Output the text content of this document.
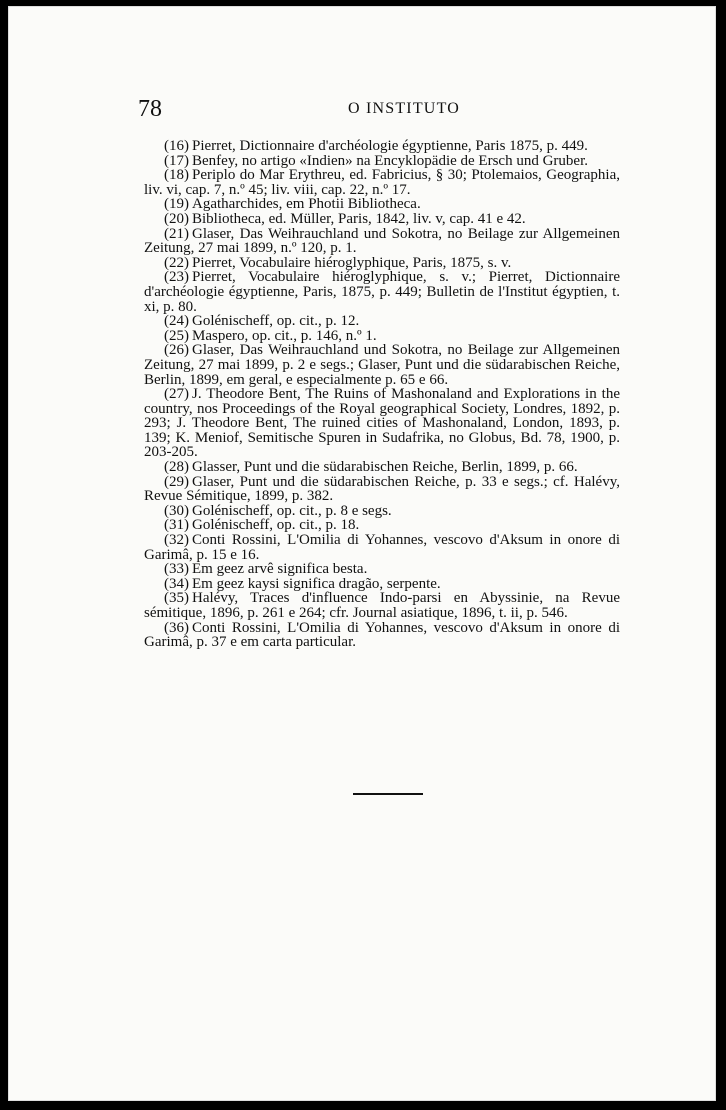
78	O INSTITUTO

(16) Pierret, Dictionnaire d'archéologie égyptienne, Paris 1875, p. 449.

(17) Benfey, no artigo «Indien» na Encyklopädie de Ersch und Gruber.

(18) Periplo do Mar Erythreu, ed. Fabricius, § 30; Ptolemaios, Geographia, liv. vi, cap. 7, n.º 45; liv. viii, cap. 22, n.º 17.

(19) Agatharchides, em Photii Bibliotheca.

(20) Bibliotheca, ed. Müller, Paris, 1842, liv. v, cap. 41 e 42.

(21) Glaser, Das Weihrauchland und Sokotra, no Beilage zur Allgemeinen Zeitung, 27 mai 1899, n.º 120, p. 1.

(22) Pierret, Vocabulaire hiéroglyphique, Paris, 1875, s. v.

(23) Pierret, Vocabulaire hiéroglyphique, s. v.; Pierret, Dictionnaire d'archéologie égyptienne, Paris, 1875, p. 449; Bulletin de l'Institut égyptien, t. xi, p. 80.

(24) Golénischeff, op. cit., p. 12.

(25) Maspero, op. cit., p. 146, n.º 1.

(26) Glaser, Das Weihrauchland und Sokotra, no Beilage zur Allgemeinen Zeitung, 27 mai 1899, p. 2 e segs.; Glaser, Punt und die südarabischen Reiche, Berlin, 1899, em geral, e especialmente p. 65 e 66.

(27) J. Theodore Bent, The Ruins of Mashonaland and Explorations in the country, nos Proceedings of the Royal geographical Society, Londres, 1892, p. 293; J. Theodore Bent, The ruined cities of Mashonaland, London, 1893, p. 139; K. Meniof, Semitische Spuren in Sudafrika, no Globus, Bd. 78, 1900, p. 203-205.

(28) Glasser, Punt und die südarabischen Reiche, Berlin, 1899, p. 66.

(29) Glaser, Punt und die südarabischen Reiche, p. 33 e segs.; cf. Halévy, Revue Sémitique, 1899, p. 382.

(30) Golénischeff, op. cit., p. 8 e segs.

(31) Golénischeff, op. cit., p. 18.

(32) Conti Rossini, L'Omilia di Yohannes, vescovo d'Aksum in onore di Garimâ, p. 15 e 16.

(33) Em geez arvê significa besta.

(34) Em geez kaysi significa dragão, serpente.

(35) Halévy, Traces d'influence Indo-parsi en Abyssinie, na Revue sémitique, 1896, p. 261 e 264; cfr. Journal asiatique, 1896, t. ii, p. 546.

(36) Conti Rossini, L'Omilia di Yohannes, vescovo d'Aksum in onore di Garimâ, p. 37 e em carta particular.
